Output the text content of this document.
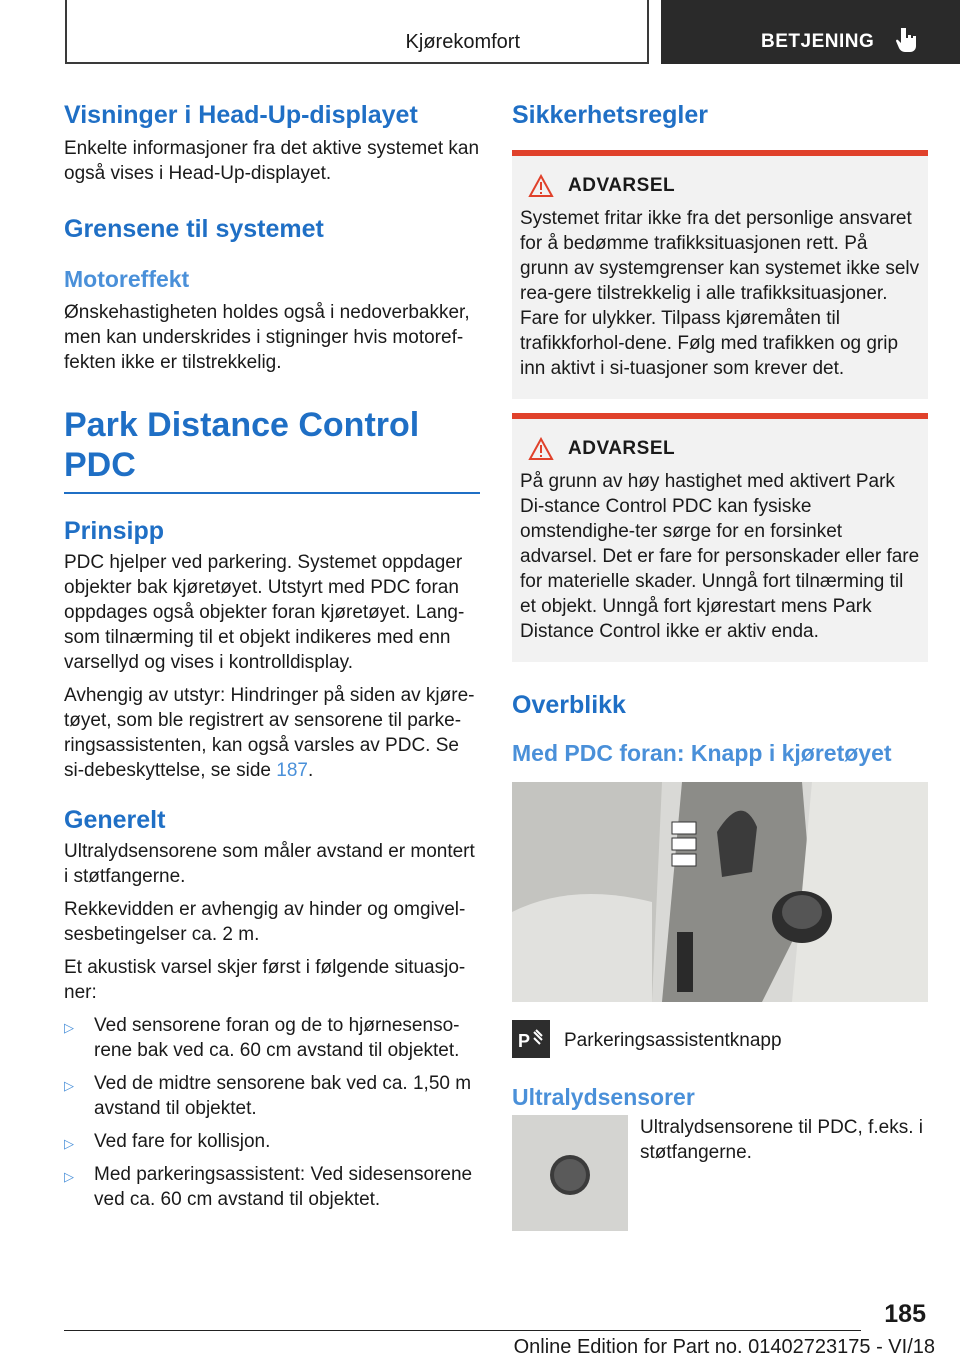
Kjørekomfort	BETJENING
Visninger i Head-Up-displayet

Enkelte informasjoner fra det aktive systemet kan også vises i Head-Up-displayet.

Grensene til systemet
Motoreffekt

Ønskehastigheten holdes også i nedoverbakker, men kan underskrides i stigninger hvis motoref-fekten ikke er tilstrekkelig.

Park Distance Control PDC
Prinsipp

PDC hjelper ved parkering. Systemet oppdager objekter bak kjøretøyet. Utstyrt med PDC foran oppdages også objekter foran kjøretøyet. Lang-som tilnærming til et objekt indikeres med enn varsellyd og vises i kontrolldisplay.

Avhengig av utstyr: Hindringer på siden av kjøre-tøyet, som ble registrert av sensorene til parke-ringsassistenten, kan også varsles av PDC. Se si-debeskyttelse, se side 187.

Generelt

Ultralydsensorene som måler avstand er montert i støtfangerne.

Rekkevidden er avhengig av hinder og omgivel-sesbetingelser ca. 2 m.

Et akustisk varsel skjer først i følgende situasjo-ner:

▷ Ved sensorene foran og de to hjørnesenso-rene bak ved ca. 60 cm avstand til objektet.
▷ Ved de midtre sensorene bak ved ca. 1,50 m avstand til objektet.
▷ Ved fare for kollisjon.
▷ Med parkeringsassistent: Ved sidesensorene ved ca. 60 cm avstand til objektet.
Sikkerhetsregler
ADVARSEL

Systemet fritar ikke fra det personlige ansvaret for å bedømme trafikksituasjonen rett. På grunn av systemgrenser kan systemet ikke selv rea-gere tilstrekkelig i alle trafikksituasjoner. Fare for ulykker. Tilpass kjøremåten til trafikkforhol-dene. Følg med trafikken og grip inn aktivt i si-tuasjoner som krever det.

ADVARSEL

På grunn av høy hastighet med aktivert Park Di-stance Control PDC kan fysiske omstendighe-ter sørge for en forsinket advarsel. Det er fare for personskader eller fare for materielle skader. Unngå fort tilnærming til et objekt. Unngå fort kjørestart mens Park Distance Control ikke er aktiv enda.

Overblikk
Med PDC foran: Knapp i kjøretøyet
P Parkeringsassistentknapp
Ultralydsensorer

Ultralydsensorene til PDC, f.eks. i støtfangerne.

185
Online Edition for Part no. 01402723175 - VI/18
